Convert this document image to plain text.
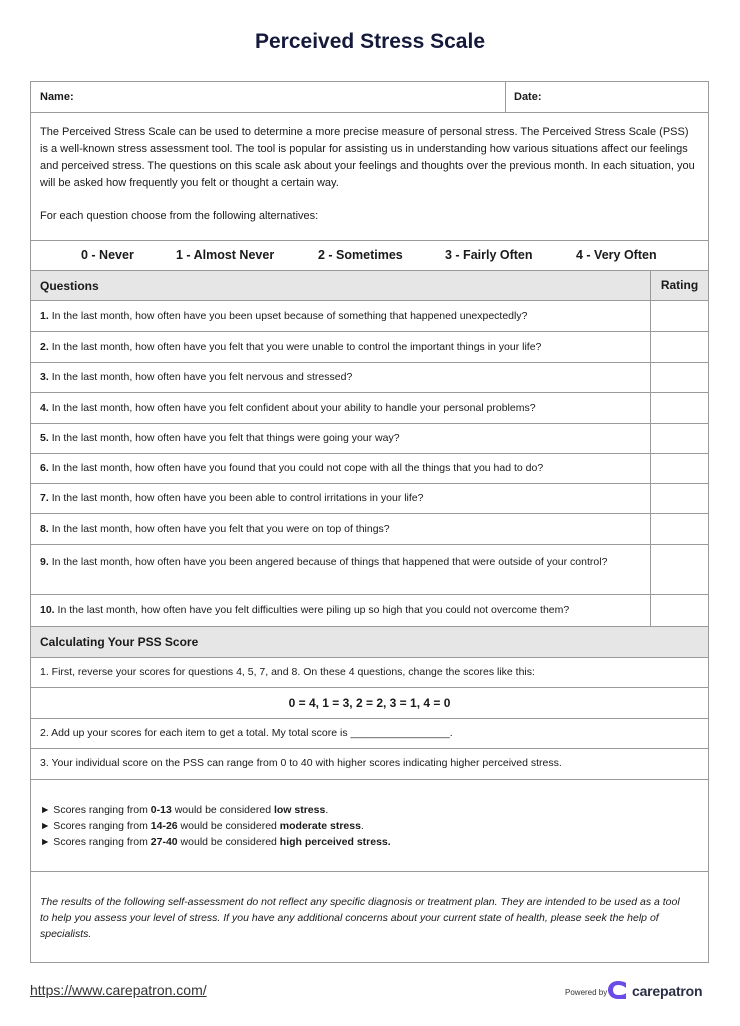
Perceived Stress Scale
Name:	Date:

The Perceived Stress Scale can be used to determine a more precise measure of personal stress. The Perceived Stress Scale (PSS) is a well-known stress assessment tool. The tool is popular for assisting us in understanding how various situations affect our feelings and perceived stress. The questions on this scale ask about your feelings and thoughts over the previous month. In each situation, you will be asked how frequently you felt or thought a certain way.

For each question choose from the following alternatives:

0 - Never	1 - Almost Never	2 - Sometimes	3 - Fairly Often	4 - Very Often
Questions	Rating
1. In the last month, how often have you been upset because of something that happened unexpectedly?
2. In the last month, how often have you felt that you were unable to control the important things in your life?
3. In the last month, how often have you felt nervous and stressed?
4. In the last month, how often have you felt confident about your ability to handle your personal problems?
5. In the last month, how often have you felt that things were going your way?
6. In the last month, how often have you found that you could not cope with all the things that you had to do?
7. In the last month, how often have you been able to control irritations in your life?
8. In the last month, how often have you felt that you were on top of things?
9. In the last month, how often have you been angered because of things that happened that were outside of your control?
10. In the last month, how often have you felt difficulties were piling up so high that you could not overcome them?
Calculating Your PSS Score
1. First, reverse your scores for questions 4, 5, 7, and 8. On these 4 questions, change the scores like this:
0 = 4, 1 = 3, 2 = 2, 3 = 1, 4 = 0
2. Add up your scores for each item to get a total. My total score is _________________.
3. Your individual score on the PSS can range from 0 to 40 with higher scores indicating higher perceived stress.
► Scores ranging from 0-13 would be considered low stress.
► Scores ranging from 14-26 would be considered moderate stress.
► Scores ranging from 27-40 would be considered high perceived stress.
The results of the following self-assessment do not reflect any specific diagnosis or treatment plan. They are intended to be used as a tool to help you assess your level of stress. If you have any additional concerns about your current state of health, please seek the help of specialists.
https://www.carepatron.com/	Powered by carepatron
